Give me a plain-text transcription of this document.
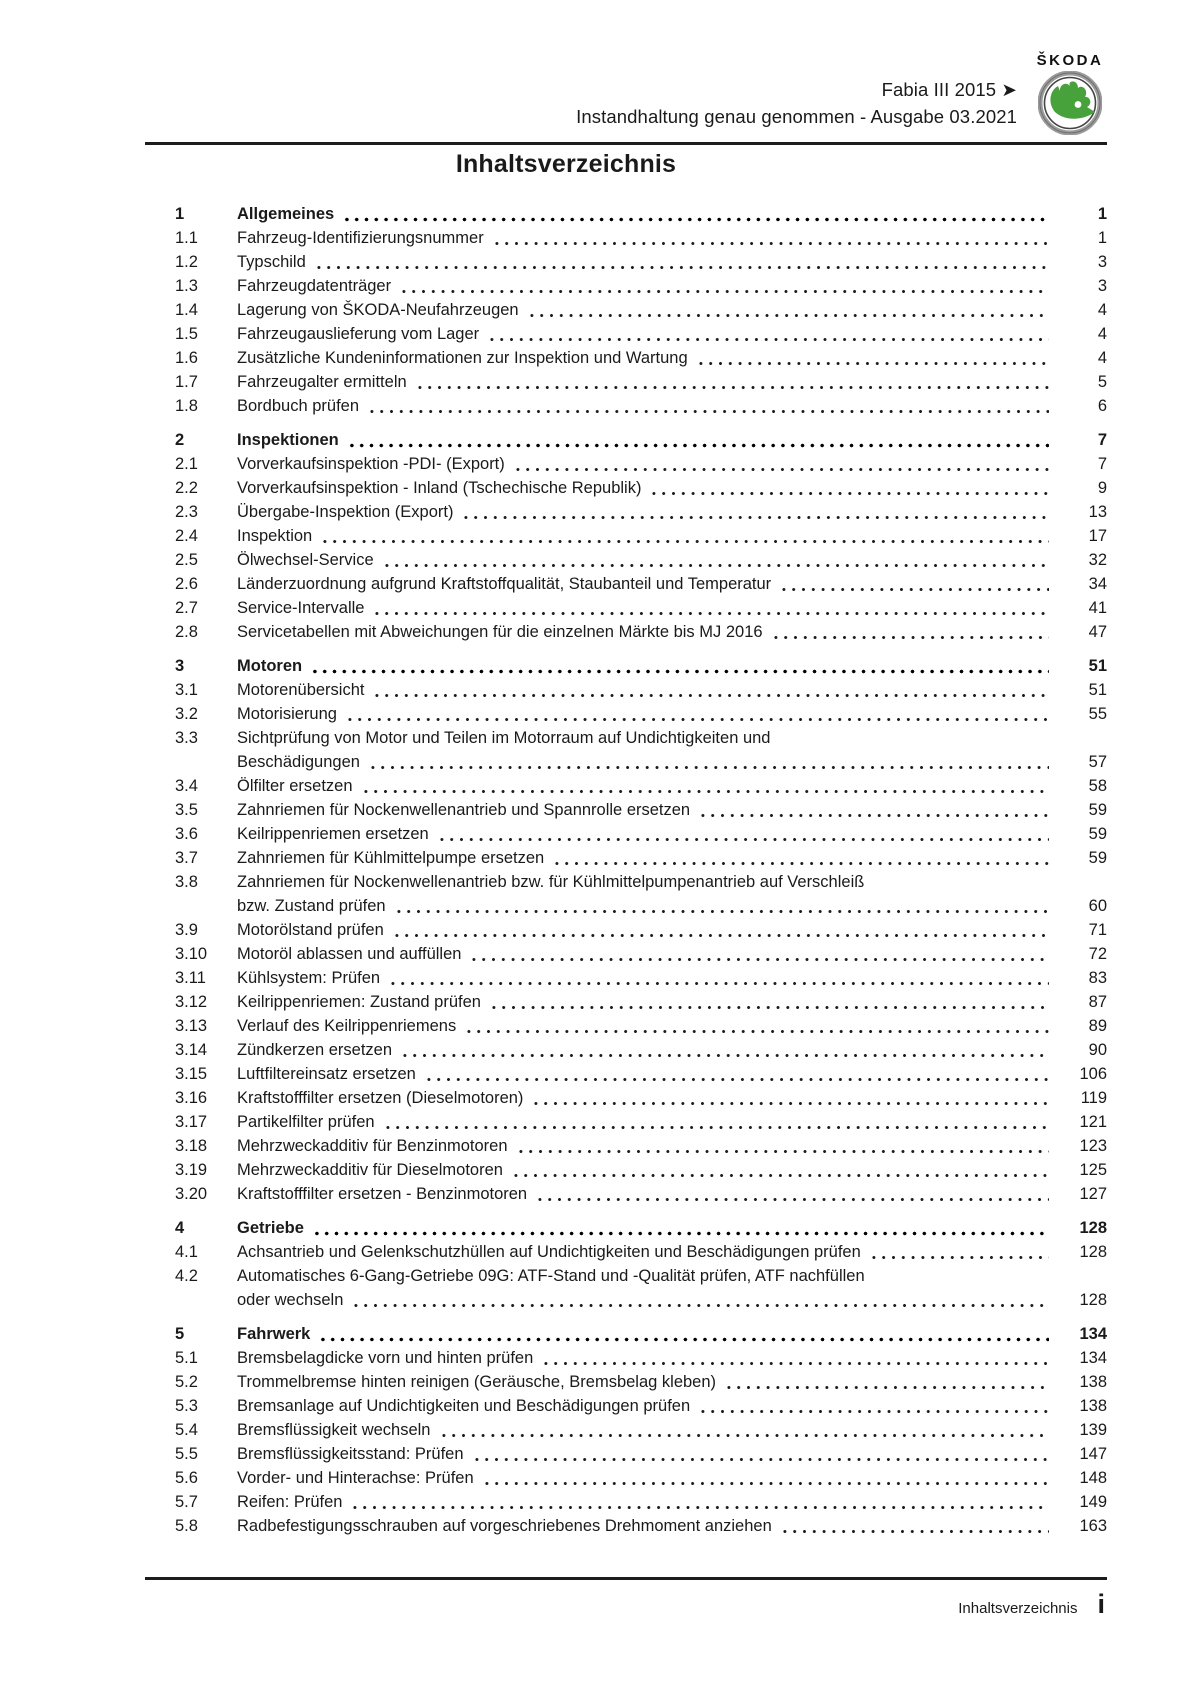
Fabia III 2015 ➤
Instandhaltung genau genommen - Ausgabe 03.2021
ŠKODA
Inhaltsverzeichnis
1	Allgemeines	1
1.1	Fahrzeug-Identifizierungsnummer	1
1.2	Typschild	3
1.3	Fahrzeugdatenträger	3
1.4	Lagerung von ŠKODA-Neufahrzeugen	4
1.5	Fahrzeugauslieferung vom Lager	4
1.6	Zusätzliche Kundeninformationen zur Inspektion und Wartung	4
1.7	Fahrzeugalter ermitteln	5
1.8	Bordbuch prüfen	6
2	Inspektionen	7
2.1	Vorverkaufsinspektion -PDI- (Export)	7
2.2	Vorverkaufsinspektion - Inland (Tschechische Republik)	9
2.3	Übergabe-Inspektion (Export)	13
2.4	Inspektion	17
2.5	Ölwechsel-Service	32
2.6	Länderzuordnung aufgrund Kraftstoffqualität, Staubanteil und Temperatur	34
2.7	Service-Intervalle	41
2.8	Servicetabellen mit Abweichungen für die einzelnen Märkte bis MJ 2016	47
3	Motoren	51
3.1	Motorenübersicht	51
3.2	Motorisierung	55
3.3	Sichtprüfung von Motor und Teilen im Motorraum auf Undichtigkeiten und
Beschädigungen	57
3.4	Ölfilter ersetzen	58
3.5	Zahnriemen für Nockenwellenantrieb und Spannrolle ersetzen	59
3.6	Keilrippenriemen ersetzen	59
3.7	Zahnriemen für Kühlmittelpumpe ersetzen	59
3.8	Zahnriemen für Nockenwellenantrieb bzw. für Kühlmittelpumpenantrieb auf Verschleiß
bzw. Zustand prüfen	60
3.9	Motorölstand prüfen	71
3.10	Motoröl ablassen und auffüllen	72
3.11	Kühlsystem: Prüfen	83
3.12	Keilrippenriemen: Zustand prüfen	87
3.13	Verlauf des Keilrippenriemens	89
3.14	Zündkerzen ersetzen	90
3.15	Luftfiltereinsatz ersetzen	106
3.16	Kraftstofffilter ersetzen (Dieselmotoren)	119
3.17	Partikelfilter prüfen	121
3.18	Mehrzweckadditiv für Benzinmotoren	123
3.19	Mehrzweckadditiv für Dieselmotoren	125
3.20	Kraftstofffilter ersetzen - Benzinmotoren	127
4	Getriebe	128
4.1	Achsantrieb und Gelenkschutzhüllen auf Undichtigkeiten und Beschädigungen prüfen	128
4.2	Automatisches 6-Gang-Getriebe 09G: ATF-Stand und -Qualität prüfen, ATF nachfüllen
oder wechseln	128
5	Fahrwerk	134
5.1	Bremsbelagdicke vorn und hinten prüfen	134
5.2	Trommelbremse hinten reinigen (Geräusche, Bremsbelag kleben)	138
5.3	Bremsanlage auf Undichtigkeiten und Beschädigungen prüfen	138
5.4	Bremsflüssigkeit wechseln	139
5.5	Bremsflüssigkeitsstand: Prüfen	147
5.6	Vorder- und Hinterachse: Prüfen	148
5.7	Reifen: Prüfen	149
5.8	Radbefestigungsschrauben auf vorgeschriebenes Drehmoment anziehen	163
Inhaltsverzeichnis i
